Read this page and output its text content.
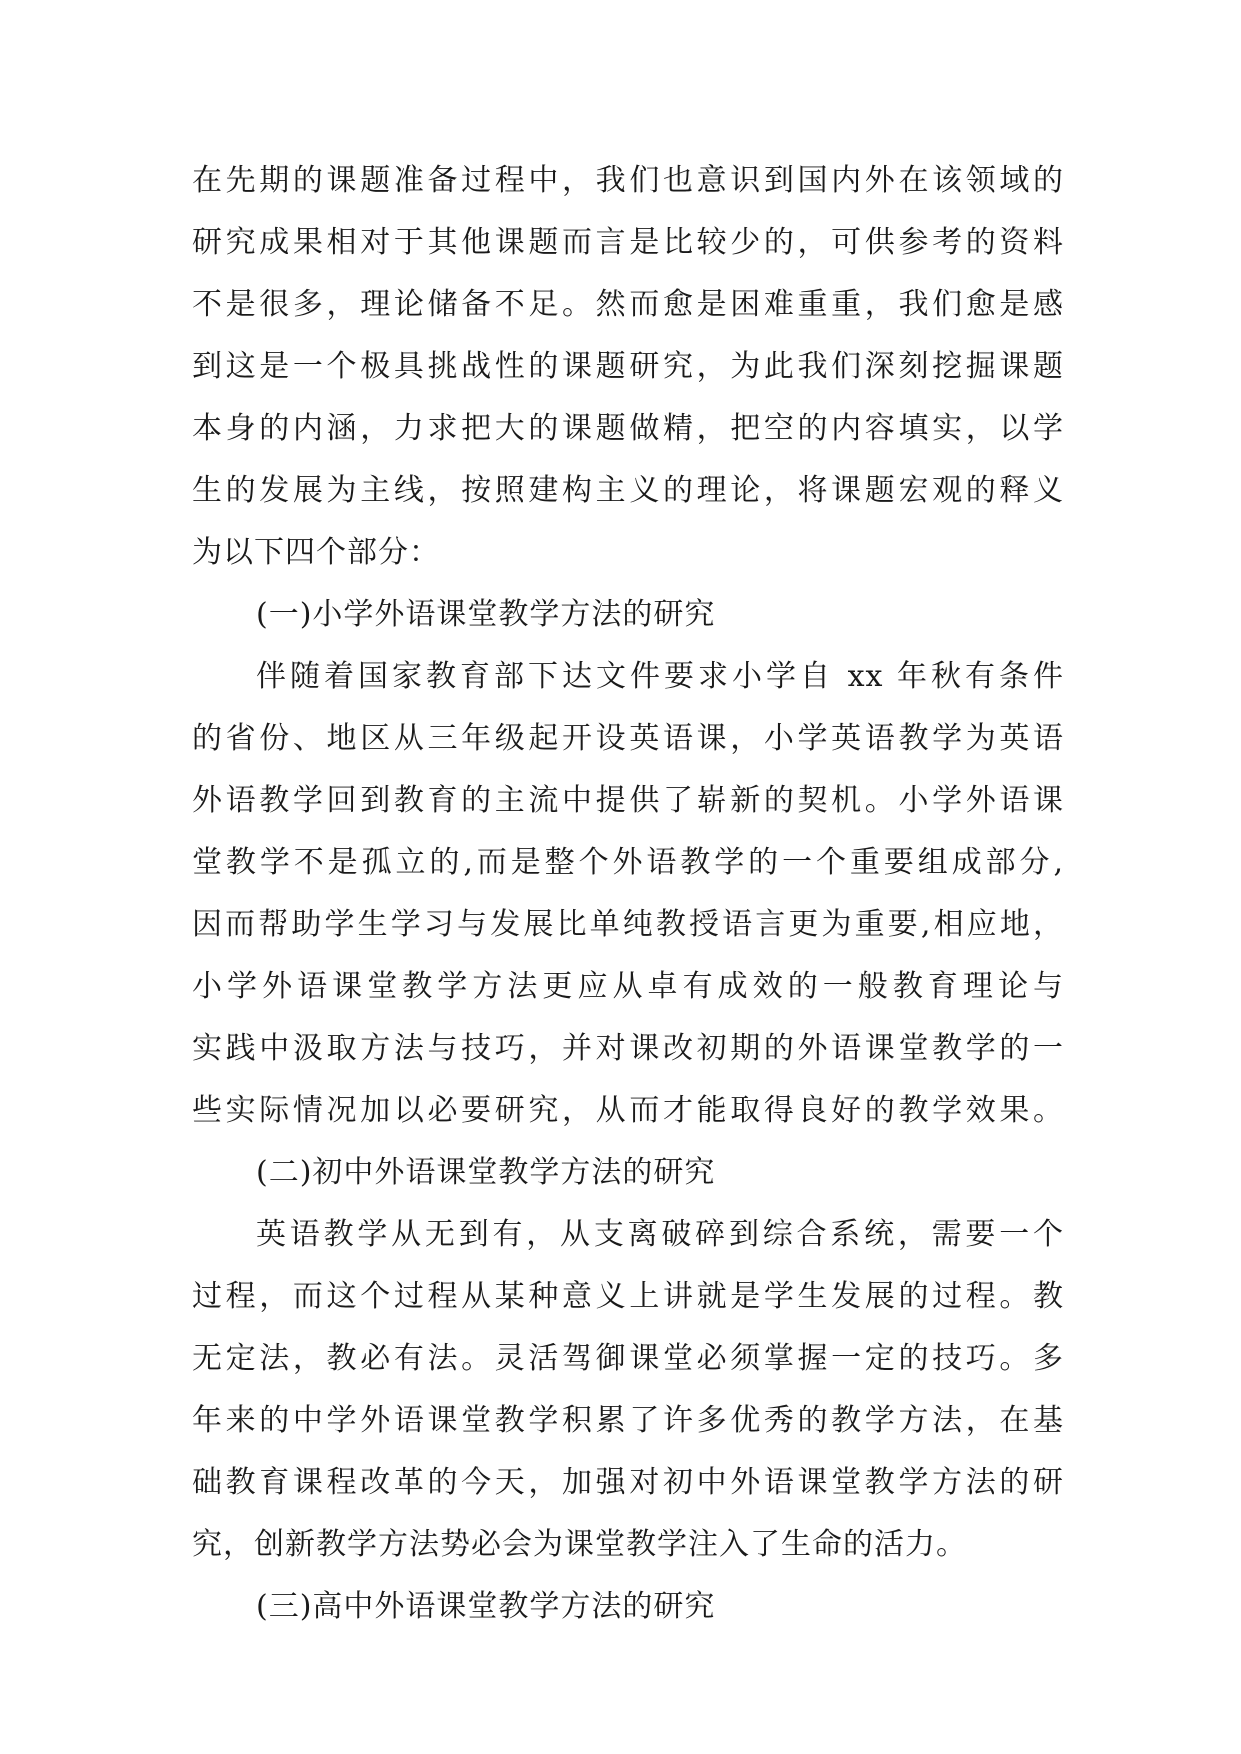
在先期的课题准备过程中，我们也意识到国内外在该领域的
研究成果相对于其他课题而言是比较少的，可供参考的资料
不是很多，理论储备不足。然而愈是困难重重，我们愈是感
到这是一个极具挑战性的课题研究，为此我们深刻挖掘课题
本身的内涵，力求把大的课题做精，把空的内容填实，以学
生的发展为主线，按照建构主义的理论，将课题宏观的释义
为以下四个部分：
(一)小学外语课堂教学方法的研究
伴随着国家教育部下达文件要求小学自 xx 年秋有条件
的省份、地区从三年级起开设英语课，小学英语教学为英语
外语教学回到教育的主流中提供了崭新的契机。小学外语课
堂教学不是孤立的,而是整个外语教学的一个重要组成部分,
因而帮助学生学习与发展比单纯教授语言更为重要,相应地，
小学外语课堂教学方法更应从卓有成效的一般教育理论与
实践中汲取方法与技巧，并对课改初期的外语课堂教学的一
些实际情况加以必要研究，从而才能取得良好的教学效果。
(二)初中外语课堂教学方法的研究
英语教学从无到有，从支离破碎到综合系统，需要一个
过程，而这个过程从某种意义上讲就是学生发展的过程。教
无定法，教必有法。灵活驾御课堂必须掌握一定的技巧。多
年来的中学外语课堂教学积累了许多优秀的教学方法，在基
础教育课程改革的今天，加强对初中外语课堂教学方法的研
究，创新教学方法势必会为课堂教学注入了生命的活力。
(三)高中外语课堂教学方法的研究
